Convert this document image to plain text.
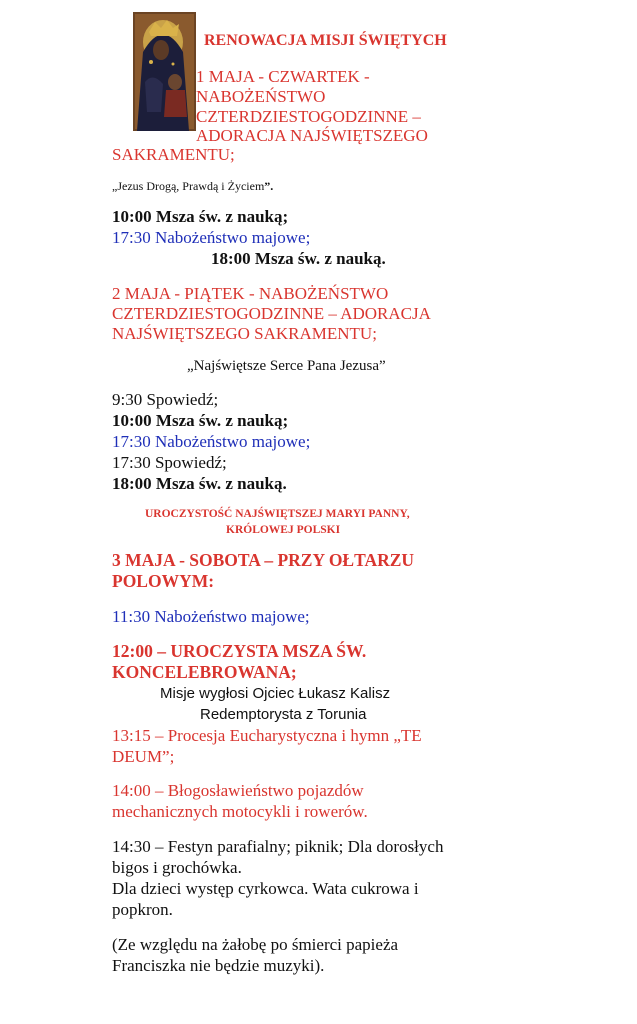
RENOWACJA MISJI ŚWIĘTYCH
1 MAJA - CZWARTEK -
NABOŻEŃSTWO
CZTERDZIESTOGODZINNE –
ADORACJA NAJŚWIĘTSZEGO
SAKRAMENTU;
„Jezus Drogą, Prawdą i Życiem”.
10:00 Msza św. z nauką;
17:30 Nabożeństwo majowe;
18:00 Msza św. z nauką.
2 MAJA - PIĄTEK - NABOŻEŃSTWO
CZTERDZIESTOGODZINNE – ADORACJA
NAJŚWIĘTSZEGO SAKRAMENTU;
„Najświętsze Serce Pana Jezusa”
9:30 Spowiedź;
10:00 Msza św. z nauką;
17:30 Nabożeństwo majowe;
17:30 Spowiedź;
18:00 Msza św. z nauką.
UROCZYSTOŚĆ NAJŚWIĘTSZEJ MARYI PANNY,
KRÓLOWEJ POLSKI
3 MAJA - SOBOTA – PRZY OŁTARZU
POLOWYM:
11:30 Nabożeństwo majowe;
12:00 – UROCZYSTA MSZA ŚW.
KONCELEBROWANA;
Misje wygłosi Ojciec Łukasz Kalisz
Redemptorysta z Torunia
13:15 – Procesja Eucharystyczna i hymn „TE
DEUM”;
14:00 – Błogosławieństwo pojazdów
mechanicznych motocykli i rowerów.
14:30 – Festyn parafialny; piknik; Dla dorosłych
bigos i grochówka.
Dla dzieci występ cyrkowca. Wata cukrowa i
popkron.
(Ze względu na żałobę po śmierci papieża
Franciszka nie będzie muzyki).
